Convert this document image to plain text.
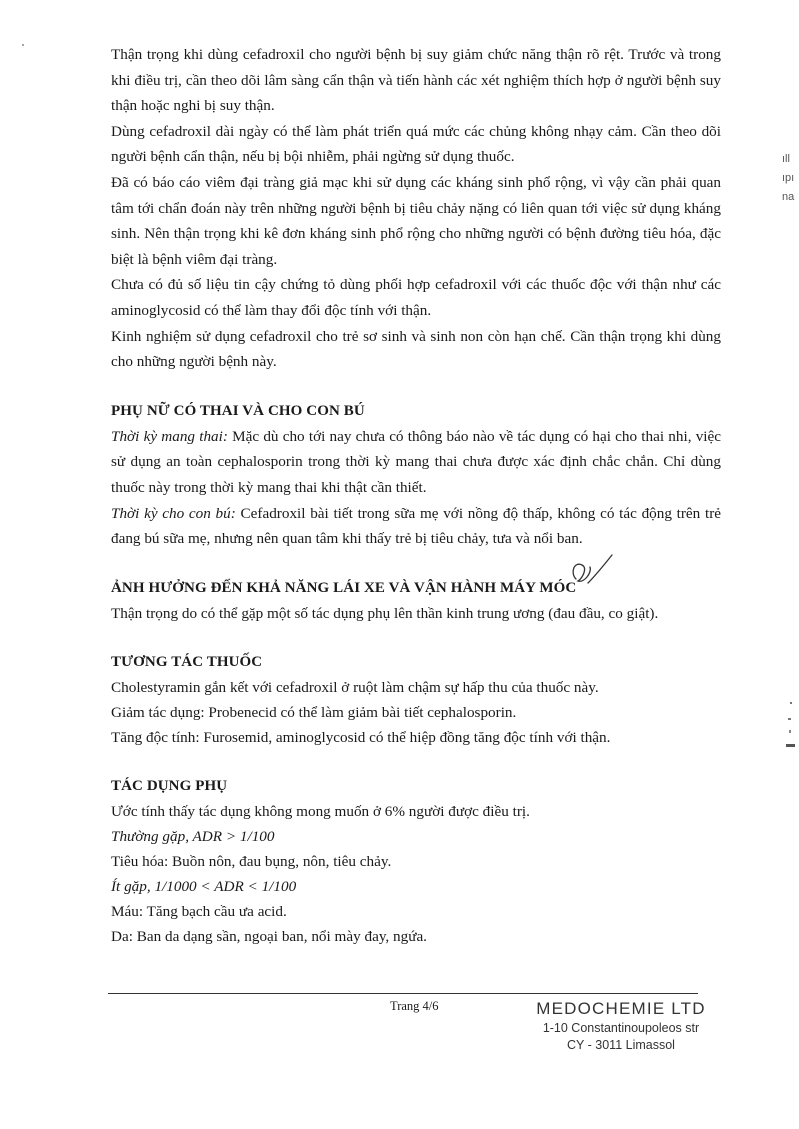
Thận trọng khi dùng cefadroxil cho người bệnh bị suy giảm chức năng thận rõ rệt. Trước và trong khi điều trị, cần theo dõi lâm sàng cẩn thận và tiến hành các xét nghiệm thích hợp ở người bệnh suy thận hoặc nghi bị suy thận.

Dùng cefadroxil dài ngày có thể làm phát triển quá mức các chủng không nhạy cảm. Cần theo dõi người bệnh cẩn thận, nếu bị bội nhiễm, phải ngừng sử dụng thuốc.

Đã có báo cáo viêm đại tràng giả mạc khi sử dụng các kháng sinh phổ rộng, vì vậy cần phải quan tâm tới chẩn đoán này trên những người bệnh bị tiêu chảy nặng có liên quan tới việc sử dụng kháng sinh. Nên thận trọng khi kê đơn kháng sinh phổ rộng cho những người có bệnh đường tiêu hóa, đặc biệt là bệnh viêm đại tràng.

Chưa có đủ số liệu tin cậy chứng tỏ dùng phối hợp cefadroxil với các thuốc độc với thận như các aminoglycosid có thể làm thay đổi độc tính với thận.

Kinh nghiệm sử dụng cefadroxil cho trẻ sơ sinh và sinh non còn hạn chế. Cần thận trọng khi dùng cho những người bệnh này.

PHỤ NỮ CÓ THAI VÀ CHO CON BÚ

Thời kỳ mang thai: Mặc dù cho tới nay chưa có thông báo nào về tác dụng có hại cho thai nhi, việc sử dụng an toàn cephalosporin trong thời kỳ mang thai chưa được xác định chắc chắn. Chỉ dùng thuốc này trong thời kỳ mang thai khi thật cần thiết.

Thời kỳ cho con bú: Cefadroxil bài tiết trong sữa mẹ với nồng độ thấp, không có tác động trên trẻ đang bú sữa mẹ, nhưng nên quan tâm khi thấy trẻ bị tiêu chảy, tưa và nổi ban.

ẢNH HƯỞNG ĐẾN KHẢ NĂNG LÁI XE VÀ VẬN HÀNH MÁY MÓC

Thận trọng do có thể gặp một số tác dụng phụ lên thần kinh trung ương (đau đầu, co giật).

TƯƠNG TÁC THUỐC

Cholestyramin gắn kết với cefadroxil ở ruột làm chậm sự hấp thu của thuốc này.

Giảm tác dụng: Probenecid có thể làm giảm bài tiết cephalosporin.

Tăng độc tính: Furosemid, aminoglycosid có thể hiệp đồng tăng độc tính với thận.

TÁC DỤNG PHỤ

Ước tính thấy tác dụng không mong muốn ở 6% người được điều trị.

Thường gặp, ADR > 1/100

Tiêu hóa: Buồn nôn, đau bụng, nôn, tiêu chảy.

Ít gặp, 1/1000 < ADR < 1/100

Máu: Tăng bạch cầu ưa acid.

Da: Ban da dạng sần, ngoại ban, nổi mày đay, ngứa.

ıll
ıpı
na
Trang 4/6	MEDOCHEMIE LTD
1-10 Constantinoupoleos str
CY - 3011 Limassol
